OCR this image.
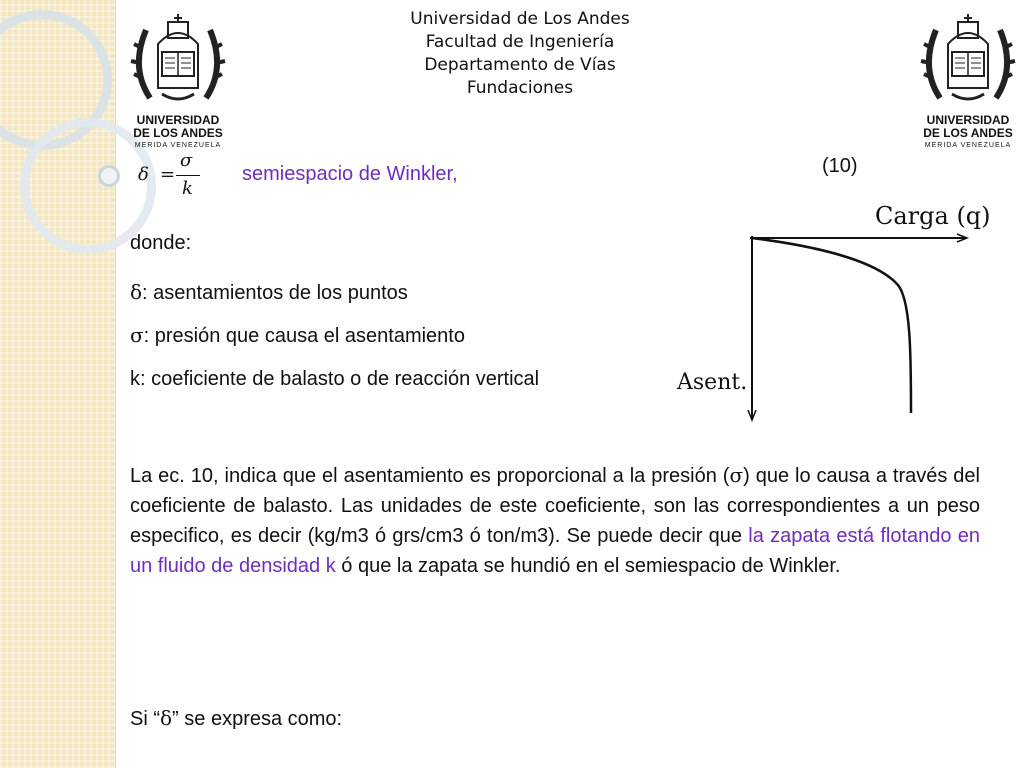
Universidad de Los Andes
Facultad de Ingeniería
Departamento de Vías
Fundaciones
UNIVERSIDAD
DE LOS ANDES
MERIDA VENEZUELA
UNIVERSIDAD
DE LOS ANDES
MERIDA VENEZUELA
δ =
σ
k
semiespacio de Winkler,	(10)
donde:
δ: asentamientos de los puntos
σ: presión que causa el asentamiento
k: coeficiente de balasto o de reacción vertical
Carga (q)
Asent.
La ec. 10, indica que el asentamiento es proporcional a la presión (σ) que lo causa a través del coeficiente de balasto. Las unidades de este coeficiente, son las correspondientes a un peso especifico, es decir (kg/m3 ó grs/cm3 ó ton/m3). Se puede decir que la zapata está flotando en un fluido de densidad k ó que la zapata se hundió en el semiespacio de Winkler.
Si “δ” se expresa como:
